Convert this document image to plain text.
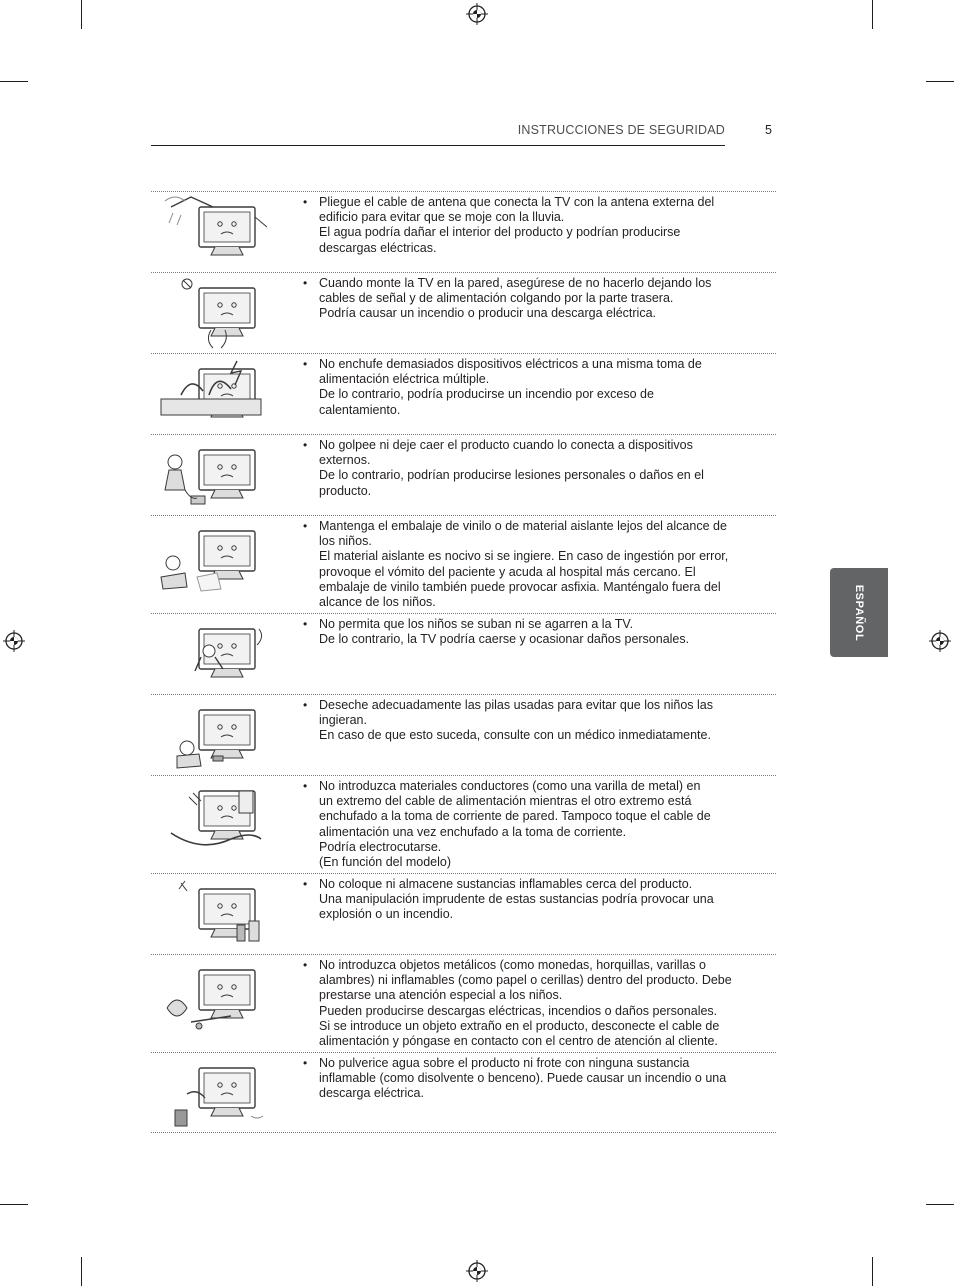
INSTRUCCIONES DE SEGURIDAD	5
ESPAÑOL
• Pliegue el cable de antena que conecta la TV con la antena externa del
edificio para evitar que se moje con la lluvia.
El agua podría dañar el interior del producto y podrían producirse
descargas eléctricas.
• Cuando monte la TV en la pared, asegúrese de no hacerlo dejando los
cables de señal y de alimentación colgando por la parte trasera.
Podría causar un incendio o producir una descarga eléctrica.
• No enchufe demasiados dispositivos eléctricos a una misma toma de
alimentación eléctrica múltiple.
De lo contrario, podría producirse un incendio por exceso de
calentamiento.
• No golpee ni deje caer el producto cuando lo conecta a dispositivos
externos.
De lo contrario, podrían producirse lesiones personales o daños en el
producto.
• Mantenga el embalaje de vinilo o de material aislante lejos del alcance de
los niños.
El material aislante es nocivo si se ingiere. En caso de ingestión por error,
provoque el vómito del paciente y acuda al hospital más cercano. El
embalaje de vinilo también puede provocar asfixia. Manténgalo fuera del
alcance de los niños.
• No permita que los niños se suban ni se agarren a la TV.
De lo contrario, la TV podría caerse y ocasionar daños personales.
• Deseche adecuadamente las pilas usadas para evitar que los niños las
ingieran.
En caso de que esto suceda, consulte con un médico inmediatamente.
• No introduzca materiales conductores (como una varilla de metal) en
un extremo del cable de alimentación mientras el otro extremo está
enchufado a la toma de corriente de pared. Tampoco toque el cable de
alimentación una vez enchufado a la toma de corriente.
Podría electrocutarse.
(En función del modelo)
• No coloque ni almacene sustancias inflamables cerca del producto.
Una manipulación imprudente de estas sustancias podría provocar una
explosión o un incendio.
• No introduzca objetos metálicos (como monedas, horquillas, varillas o
alambres) ni inflamables (como papel o cerillas) dentro del producto. Debe
prestarse una atención especial a los niños.
Pueden producirse descargas eléctricas, incendios o daños personales.
Si se introduce un objeto extraño en el producto, desconecte el cable de
alimentación y póngase en contacto con el centro de atención al cliente.
• No pulverice agua sobre el producto ni frote con ninguna sustancia
inflamable (como disolvente o benceno). Puede causar un incendio o una
descarga eléctrica.
